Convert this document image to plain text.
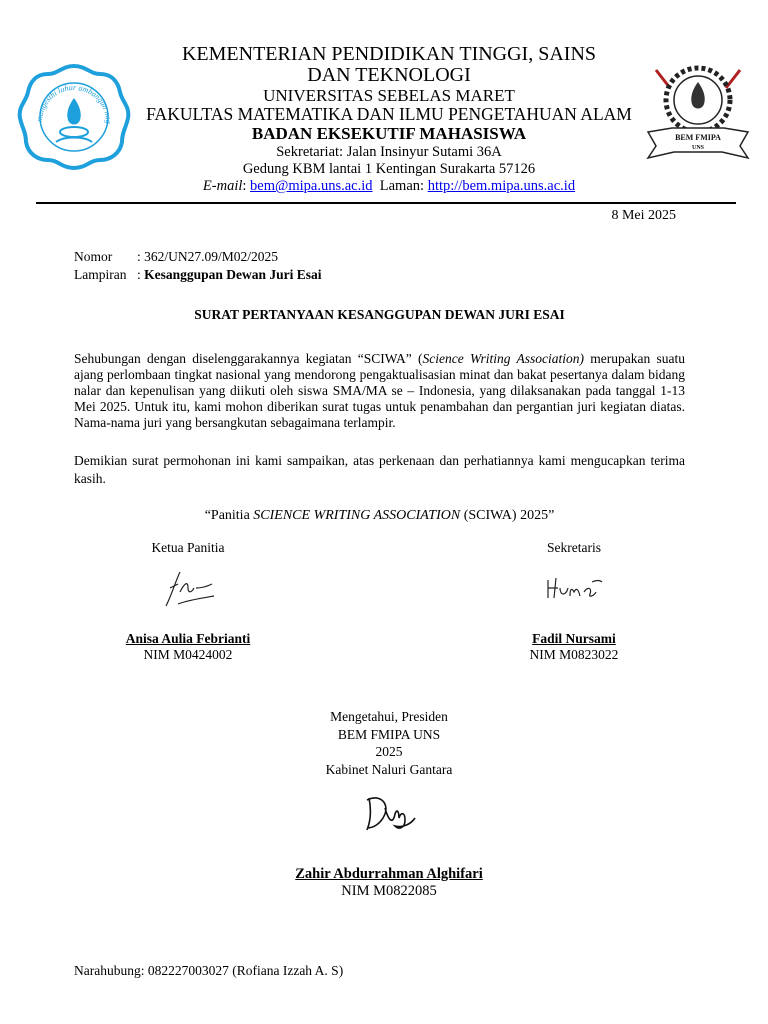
mangesthi luhur ambangun nag
BEM FMIPA
UNS
KEMENTERIAN PENDIDIKAN TINGGI, SAINS
DAN TEKNOLOGI
UNIVERSITAS SEBELAS MARET
FAKULTAS MATEMATIKA DAN ILMU PENGETAHUAN ALAM
BADAN EKSEKUTIF MAHASISWA
Sekretariat: Jalan Insinyur Sutami 36A
Gedung KBM lantai 1 Kentingan Surakarta 57126
E-mail: bem@mipa.uns.ac.id Laman: http://bem.mipa.uns.ac.id
8 Mei 2025
Nomor : 362/UN27.09/M02/2025
Lampiran : Kesanggupan Dewan Juri Esai
SURAT PERTANYAAN KESANGGUPAN DEWAN JURI ESAI
Sehubungan dengan diselenggarakannya kegiatan “SCIWA” (Science Writing Association) merupakan suatu ajang perlombaan tingkat nasional yang mendorong pengaktualisasian minat dan bakat pesertanya dalam bidang nalar dan kepenulisan yang diikuti oleh siswa SMA/MA se – Indonesia, yang dilaksanakan pada tanggal 1-13 Mei 2025. Untuk itu, kami mohon diberikan surat tugas untuk penambahan dan pergantian juri kegiatan diatas. Nama-nama juri yang bersangkutan sebagaimana terlampir.
Demikian surat permohonan ini kami sampaikan, atas perkenaan dan perhatiannya kami mengucapkan terima kasih.
“Panitia SCIENCE WRITING ASSOCIATION (SCIWA) 2025”
Ketua Panitia
Anisa Aulia Febrianti
NIM M0424002
Sekretaris
Fadil Nursami
NIM M0823022
Mengetahui, Presiden
BEM FMIPA UNS
2025
Kabinet Naluri Gantara
Zahir Abdurrahman Alghifari
NIM M0822085
Narahubung: 082227003027 (Rofiana Izzah A. S)
